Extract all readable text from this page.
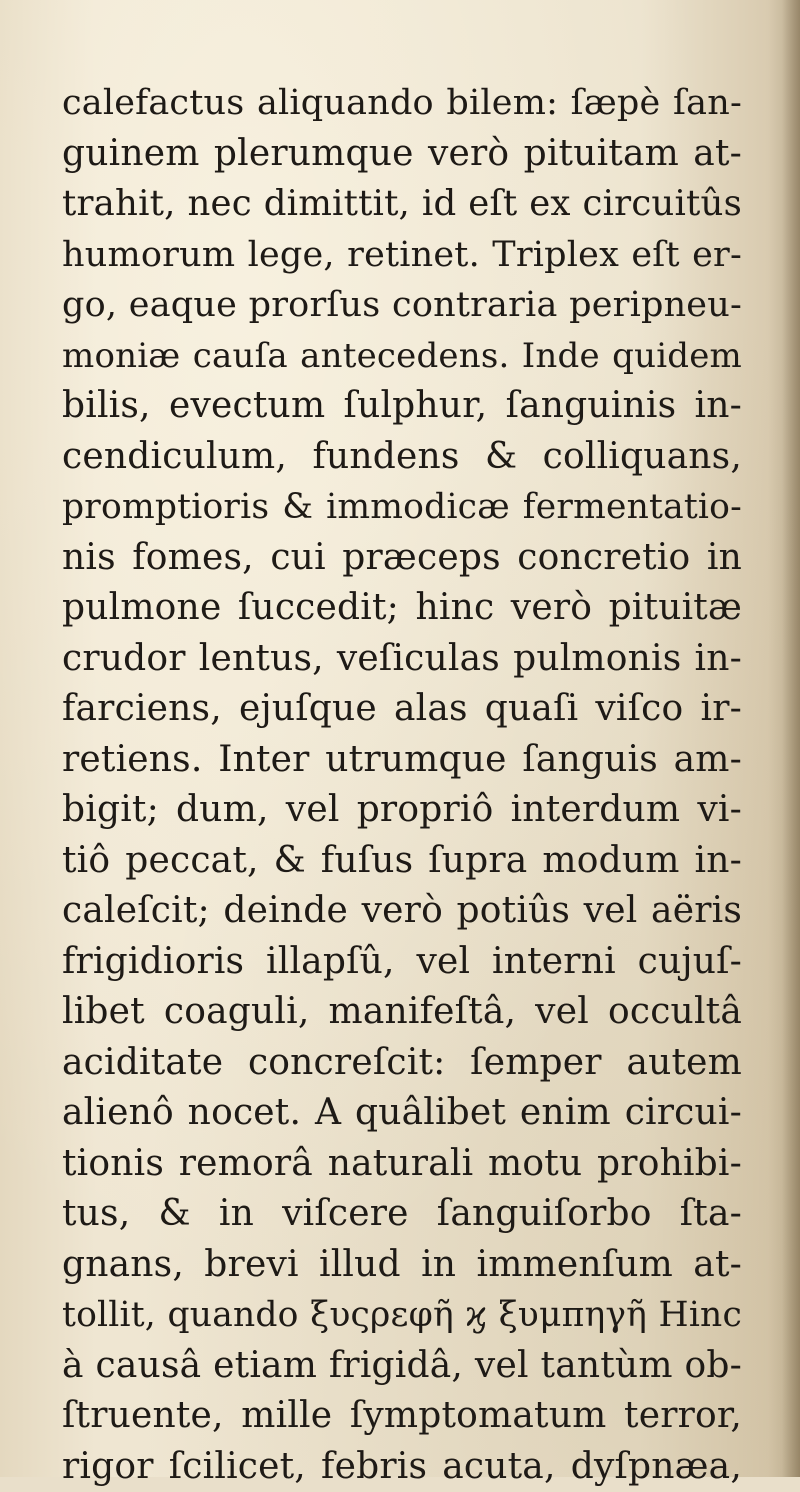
calefactus aliquando bilem: ſæpè ſan-
guinem plerumque verò pituitam at-
trahit, nec dimittit, id eſt ex circuitûs
humorum lege, retinet. Triplex eſt er-
go, eaque prorſus contraria peripneu-
moniæ cauſa antecedens. Inde quidem
bilis, evectum ſulphur, ſanguinis in-
cendiculum, fundens & colliquans,
promptioris & immodicæ fermentatio-
nis fomes, cui præceps concretio in
pulmone ſuccedit; hinc verò pituitæ
crudor lentus, veſiculas pulmonis in-
farciens, ejuſque alas quaſi viſco ir-
retiens. Inter utrumque ſanguis am-
bigit; dum, vel propriô interdum vi-
tiô peccat, & fuſus ſupra modum in-
caleſcit; deinde verò potiûs vel aëris
frigidioris illapſû, vel interni cujuſ-
libet coaguli, manifeſtâ, vel occultâ
aciditate concreſcit: ſemper autem
alienô nocet. A quâlibet enim circui-
tionis remorâ naturali motu prohibi-
tus, & in viſcere ſanguiſorbo ſta-
gnans, brevi illud in immenſum at-
tollit, quando ξυςρεφῆ ϗ ξυμπηγῆ Hinc
à causâ etiam frigidâ, vel tantùm ob-
ſtruente, mille ſymptomatum terror,
rigor ſcilicet, febris acuta, dyſpnæa,
